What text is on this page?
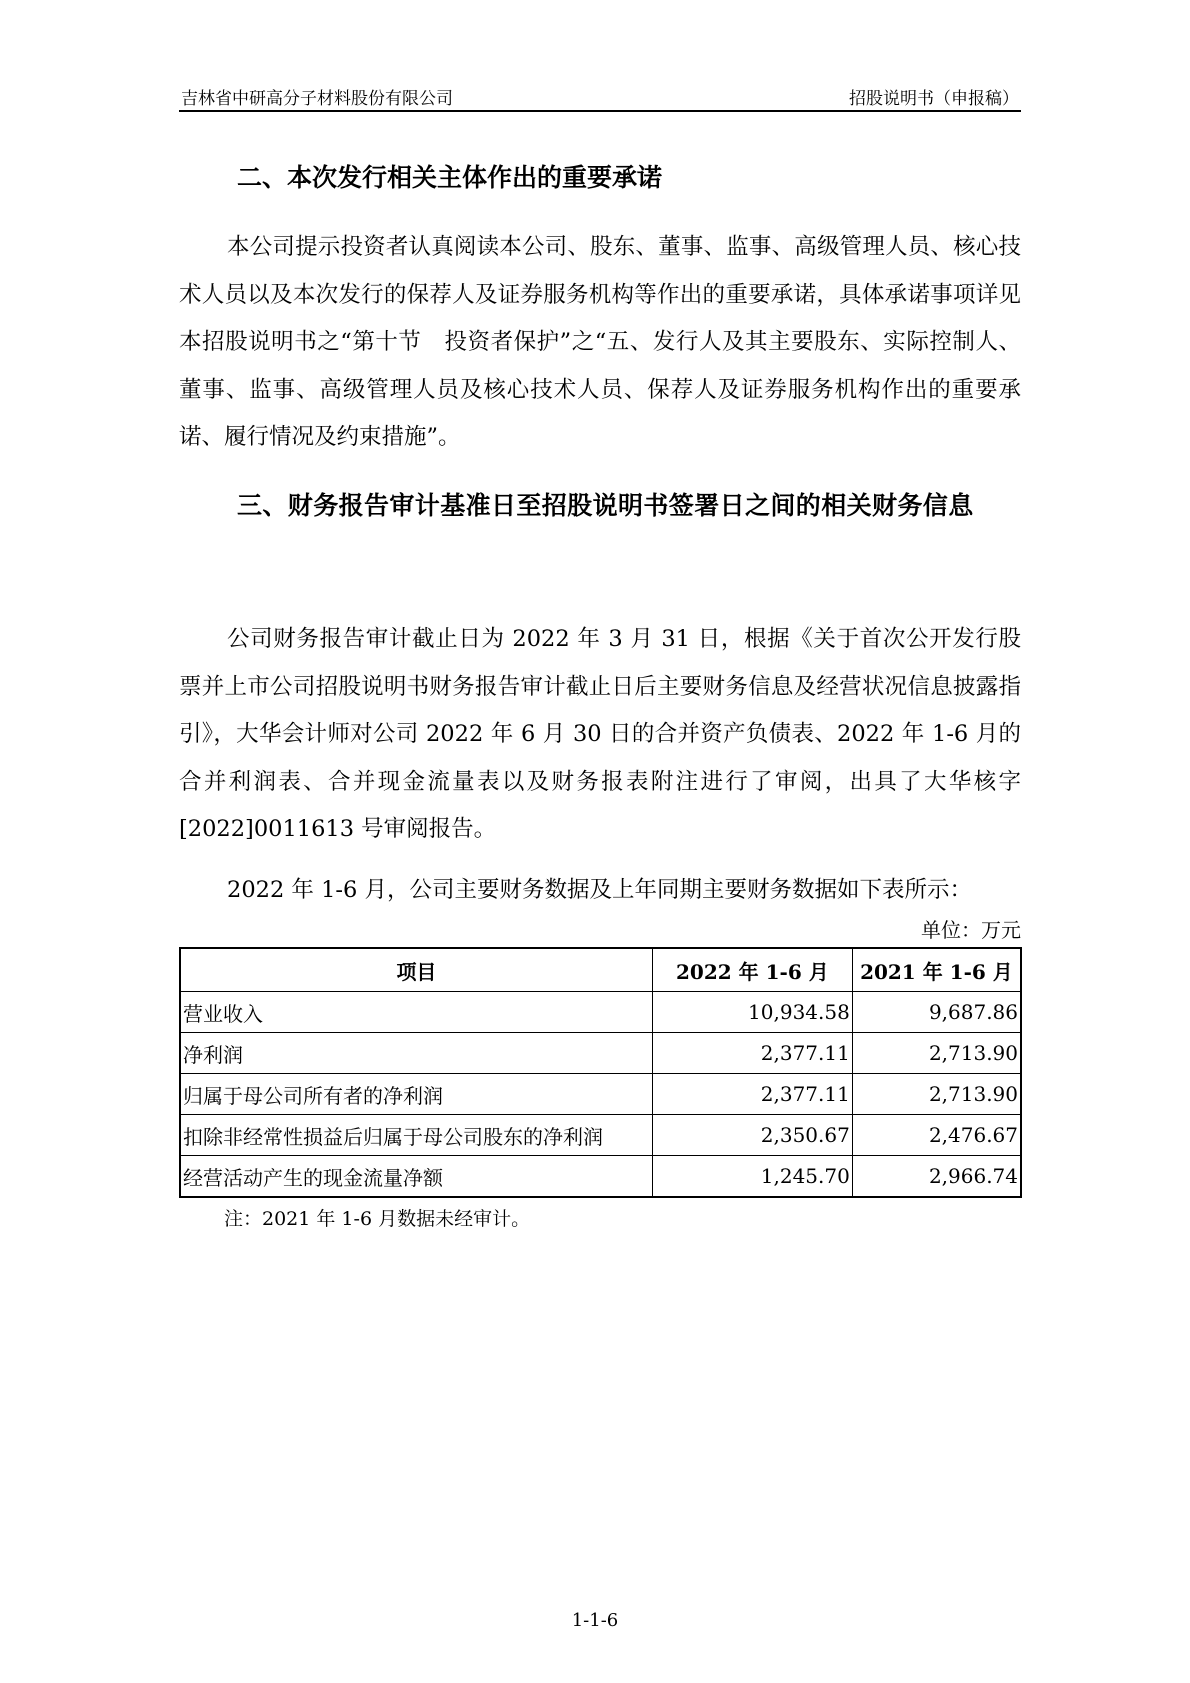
吉林省中研高分子材料股份有限公司	招股说明书（申报稿）
二、本次发行相关主体作出的重要承诺

本公司提示投资者认真阅读本公司、股东、董事、监事、高级管理人员、核心技术人员以及本次发行的保荐人及证券服务机构等作出的重要承诺，具体承诺事项详见本招股说明书之“第十节　投资者保护”之“五、发行人及其主要股东、实际控制人、董事、监事、高级管理人员及核心技术人员、保荐人及证券服务机构作出的重要承诺、履行情况及约束措施”。

三、财务报告审计基准日至招股说明书签署日之间的相关财务信息

公司财务报告审计截止日为 2022 年 3 月 31 日，根据《关于首次公开发行股票并上市公司招股说明书财务报告审计截止日后主要财务信息及经营状况信息披露指引》，大华会计师对公司 2022 年 6 月 30 日的合并资产负债表、2022 年 1-6 月的合并利润表、合并现金流量表以及财务报表附注进行了审阅，出具了大华核字[2022]0011613 号审阅报告。

2022 年 1-6 月，公司主要财务数据及上年同期主要财务数据如下表所示：

单位：万元
项目	2022 年 1-6 月	2021 年 1-6 月
营业收入	10,934.58	9,687.86
净利润	2,377.11	2,713.90
归属于母公司所有者的净利润	2,377.11	2,713.90
扣除非经常性损益后归属于母公司股东的净利润	2,350.67	2,476.67
经营活动产生的现金流量净额	1,245.70	2,966.74
注：2021 年 1-6 月数据未经审计。
1-1-6
